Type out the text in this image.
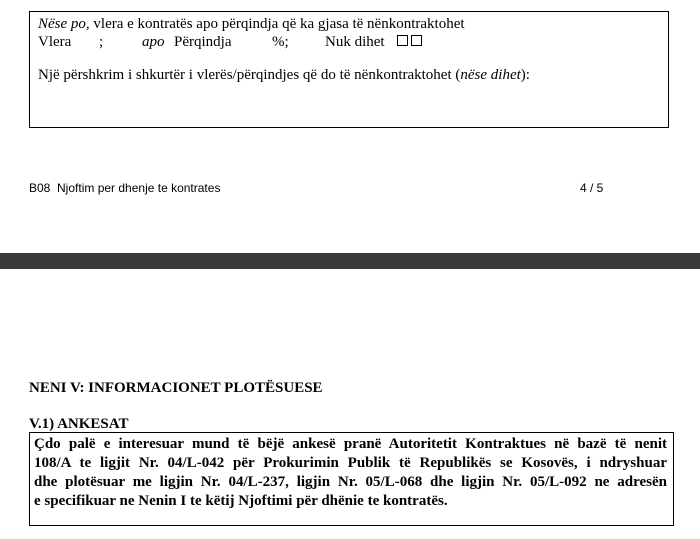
Nëse po, vlera e kontratës apo përqindja që ka gjasa të nënkontraktohet
Vlera ;	apo Përqindja	%; Nuk dihet
Një përshkrim i shkurtër i vlerës/përqindjes që do të nënkontraktohet (nëse dihet):
B08  Njoftim per dhenje te kontrates	4 / 5
NENI V: INFORMACIONET PLOTËSUESE
V.1) ANKESAT
Çdo palë e interesuar mund të bëjë ankesë pranë Autoritetit Kontraktues në bazë të nenit
108/A te ligjit Nr. 04/L-042 për Prokurimin Publik të Republikës se Kosovës, i ndryshuar
dhe plotësuar me ligjin Nr. 04/L-237, ligjin Nr. 05/L-068 dhe ligjin Nr. 05/L-092 ne adresën
e specifikuar ne Nenin I te këtij Njoftimi për dhënie te kontratës.
